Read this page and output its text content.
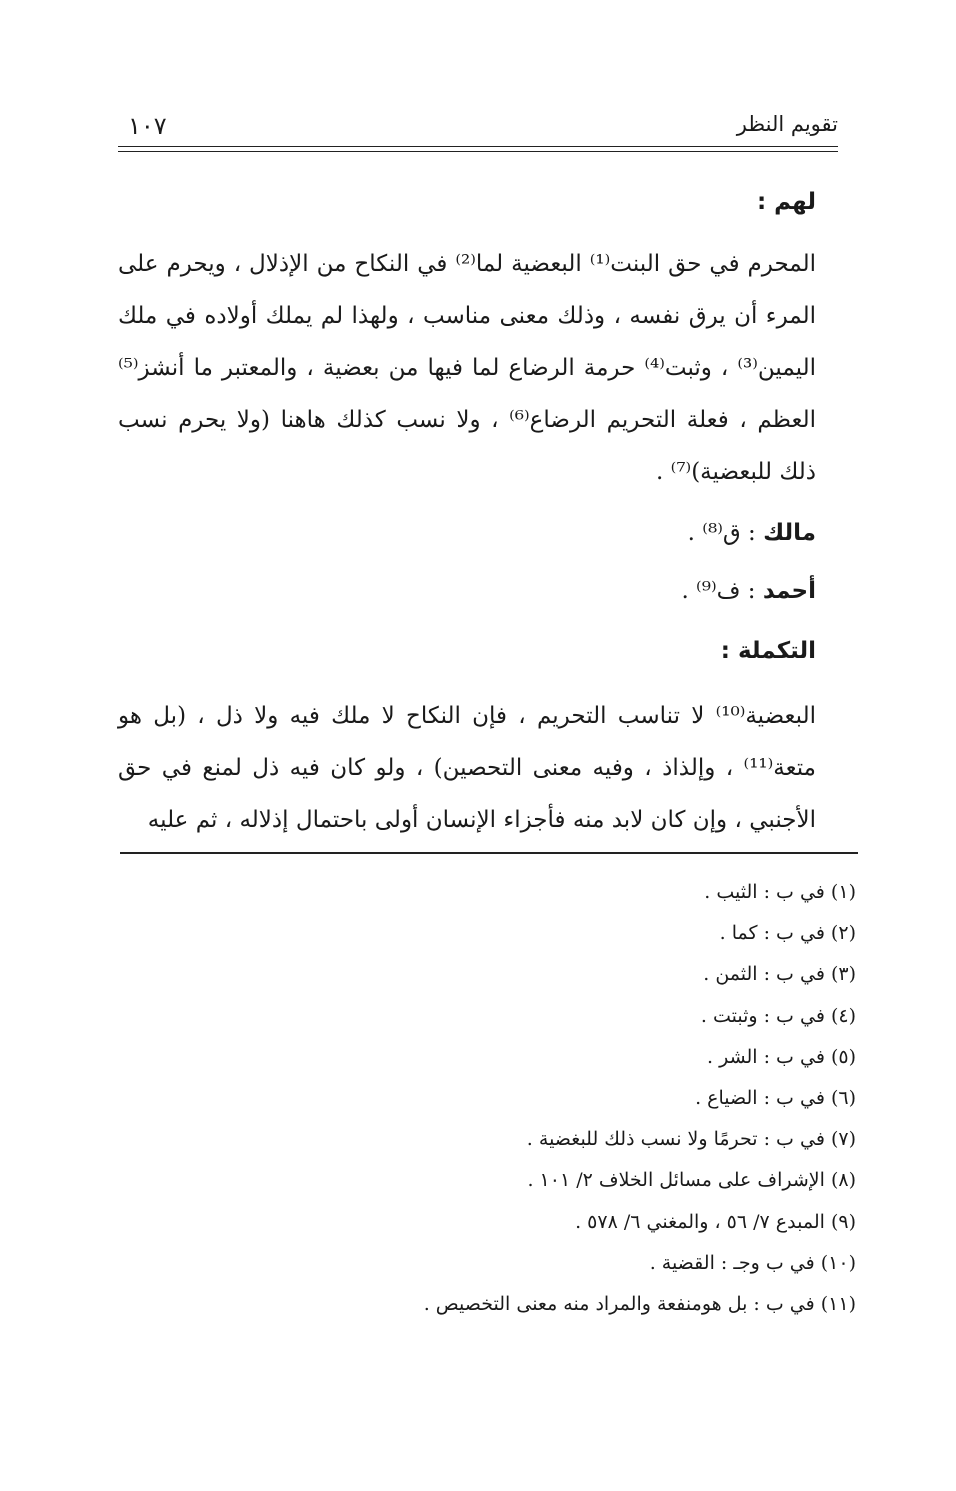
١٠٧	تقويم النظر
لهم :

المحرم في حق البنت⁽¹⁾ البعضية لما⁽²⁾ في النكاح من الإذلال ، ويحرم على المرء أن يرق نفسه ، وذلك معنى مناسب ، ولهذا لم يملك أولاده في ملك اليمين⁽³⁾ ، وثبت⁽⁴⁾ حرمة الرضاع لما فيها من بعضية ، والمعتبر ما أنشز⁽⁵⁾ العظم ، فعلة التحريم الرضاع⁽⁶⁾ ، ولا نسب كذلك هاهنا (ولا يحرم نسب ذلك للبعضية)⁽⁷⁾ .

مالك : ق⁽⁸⁾ .
أحمد : ف⁽⁹⁾ .
التكملة :

البعضية⁽¹⁰⁾ لا تناسب التحريم ، فإن النكاح لا ملك فيه ولا ذل ، (بل هو متعة⁽¹¹⁾ ، وإلذاذ ، وفيه معنى التحصين) ، ولو كان فيه ذل لمنع في حق الأجنبي ، وإن كان لابد منه فأجزاء الإنسان أولى باحتمال إذلاله ، ثم عليه

(١) في ب : الثيب .
(٢) في ب : كما .
(٣) في ب : الثمن .
(٤) في ب : وثبتت .
(٥) في ب : الشر .
(٦) في ب : الضياع .
(٧) في ب : تحرمًا ولا نسب ذلك للبغضية .
(٨) الإشراف على مسائل الخلاف ٢/ ١٠١ .
(٩) المبدع ٧/ ٥٦ ، والمغني ٦/ ٥٧٨ .
(١٠) في ب وجـ : القضية .
(١١) في ب : بل هومنفعة والمراد منه معنى التخصيص .
